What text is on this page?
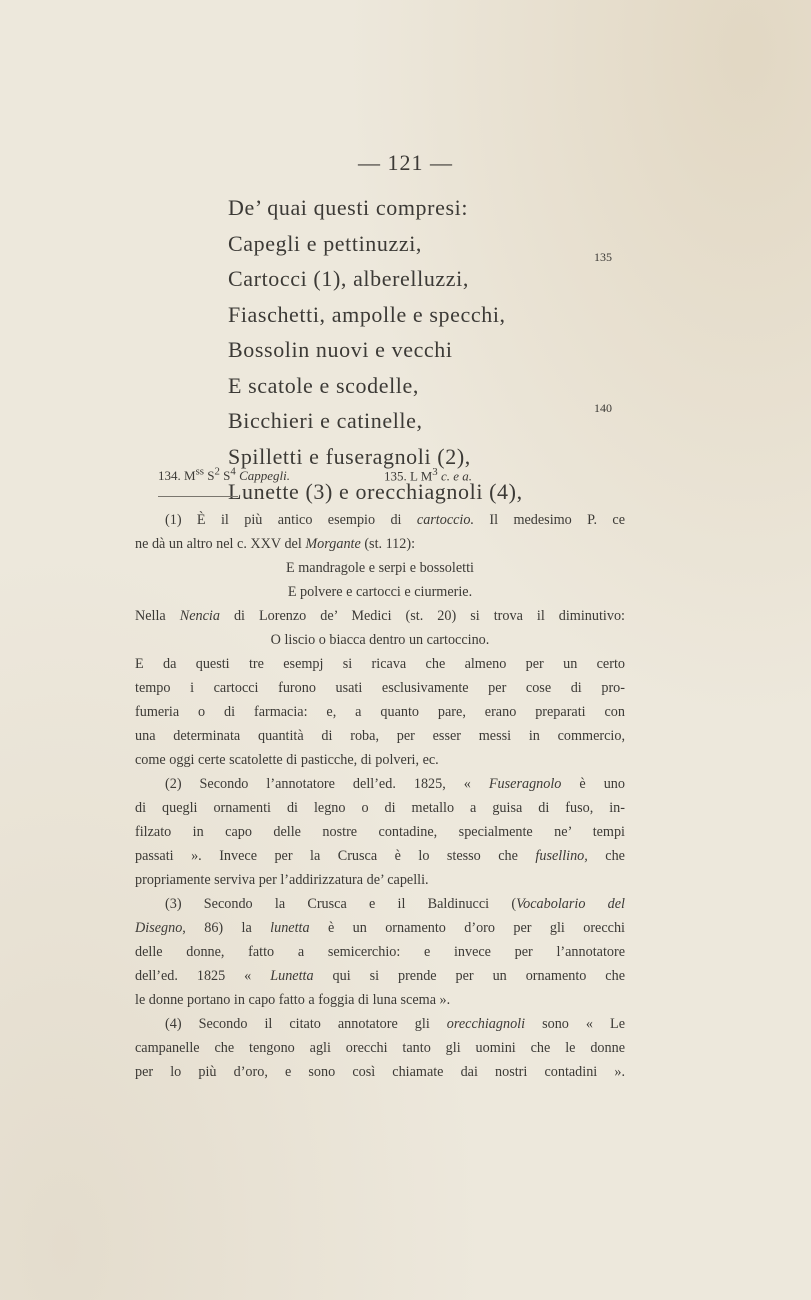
— 121 —
De’ quai questi compresi:
Capegli e pettinuzzi,
Cartocci (1), alberelluzzi,
Fiaschetti, ampolle e specchi,
Bossolin nuovi e vecchi
E scatole e scodelle,
Bicchieri e catinelle,
Spilletti e fuseragnoli (2),
Lunette (3) e orecchiagnoli (4),
135
140
134. $M^{ss}$ $S^2$ $S^4$ Cappegli.	135. L $M^3$ c. e a.
(1) È il più antico esempio di cartoccio. Il medesimo P. ce
ne dà un altro nel c. XXV del Morgante (st. 112):
E mandragole e serpi e bossoletti
E polvere e cartocci e ciurmerie.
Nella Nencia di Lorenzo de’ Medici (st. 20) si trova il diminutivo:
O liscio o biacca dentro un cartoccino.
E da questi tre esempj si ricava che almeno per un certo
tempo i cartocci furono usati esclusivamente per cose di pro-
fumeria o di farmacia: e, a quanto pare, erano preparati con
una determinata quantità di roba, per esser messi in commercio,
come oggi certe scatolette di pasticche, di polveri, ec.
(2) Secondo l’annotatore dell’ed. 1825, « Fuseragnolo è uno
di quegli ornamenti di legno o di metallo a guisa di fuso, in-
filzato in capo delle nostre contadine, specialmente ne’ tempi
passati ». Invece per la Crusca è lo stesso che fusellino, che
propriamente serviva per l’addirizzatura de’ capelli.
(3) Secondo la Crusca e il Baldinucci (Vocabolario del
Disegno, 86) la lunetta è un ornamento d’oro per gli orecchi
delle donne, fatto a semicerchio: e invece per l’annotatore
dell’ed. 1825 « Lunetta qui si prende per un ornamento che
le donne portano in capo fatto a foggia di luna scema ».
(4) Secondo il citato annotatore gli orecchiagnoli sono « Le
campanelle che tengono agli orecchi tanto gli uomini che le donne
per lo più d’oro, e sono così chiamate dai nostri contadini ».
